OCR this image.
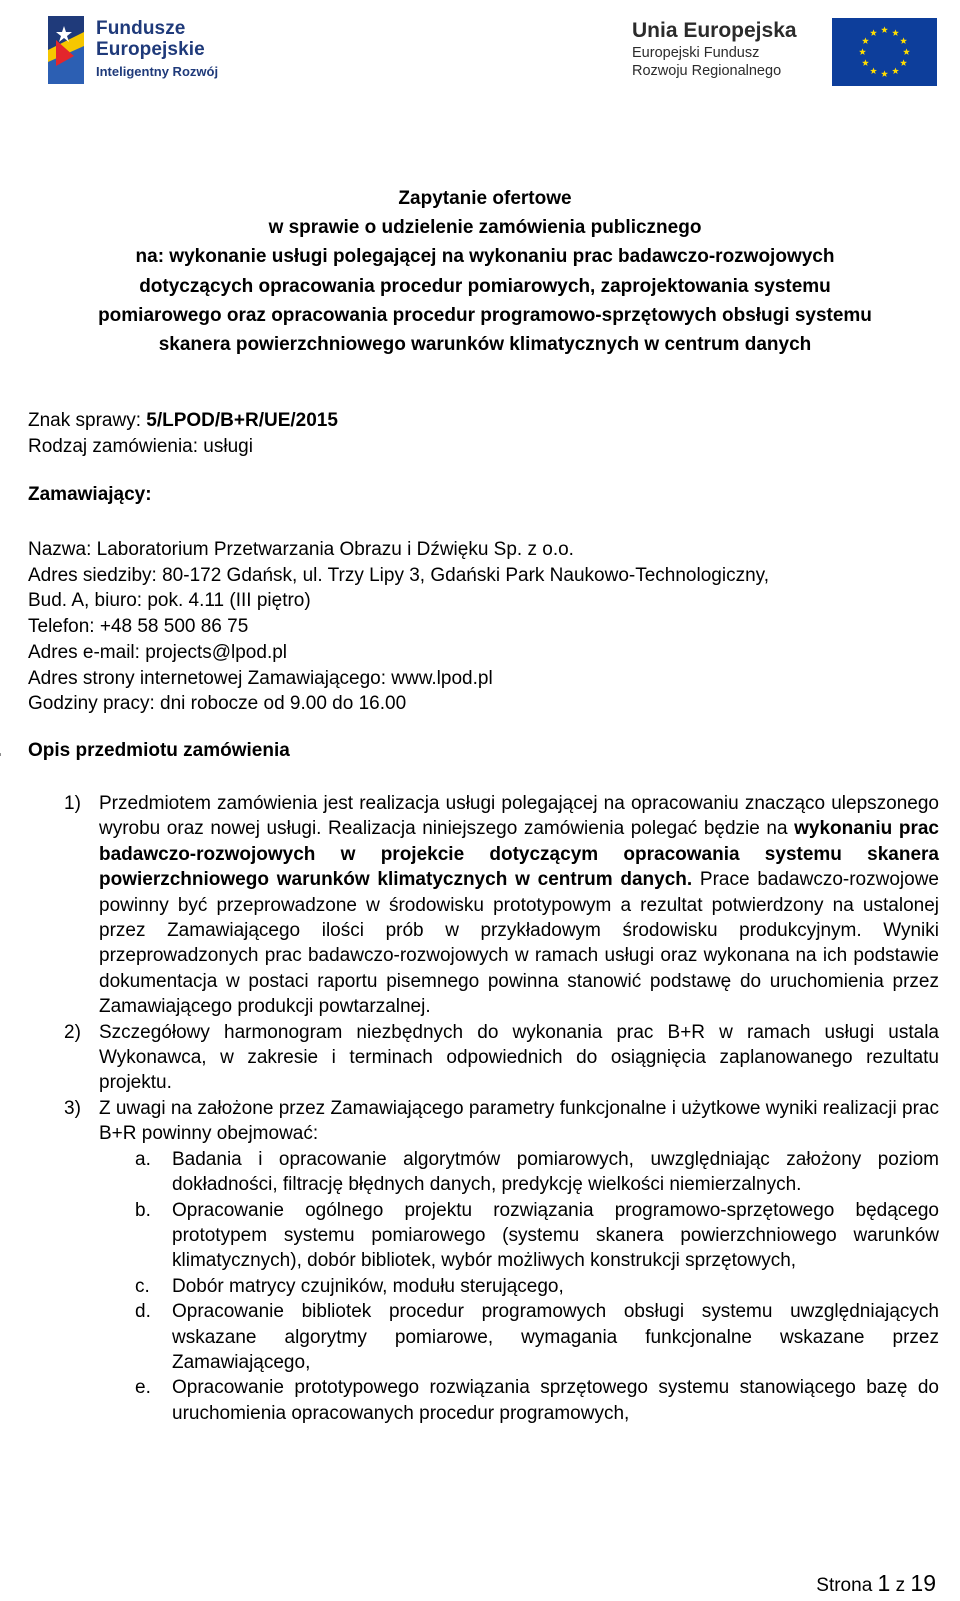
Fundusze
Europejskie
Inteligentny Rozwój
Unia Europejska
Europejski Fundusz
Rozwoju Regionalnego
Zapytanie ofertowe
w sprawie o udzielenie zamówienia publicznego
na: wykonanie usługi polegającej na wykonaniu prac badawczo-rozwojowych
dotyczących opracowania procedur pomiarowych, zaprojektowania systemu
pomiarowego oraz opracowania procedur programowo-sprzętowych obsługi systemu
skanera powierzchniowego warunków klimatycznych w centrum danych
Znak sprawy: 5/LPOD/B+R/UE/2015
Rodzaj zamówienia: usługi
Zamawiający:
Nazwa: Laboratorium Przetwarzania Obrazu i Dźwięku Sp. z o.o.
Adres siedziby: 80-172 Gdańsk, ul. Trzy Lipy 3, Gdański Park Naukowo-Technologiczny,
Bud. A, biuro: pok. 4.11 (III piętro)
Telefon: +48 58 500 86 75
Adres e-mail: projects@lpod.pl
Adres strony internetowej Zamawiającego: www.lpod.pl
Godziny pracy: dni robocze od 9.00 do 16.00
Opis przedmiotu zamówienia
1) Przedmiotem zamówienia jest realizacja usługi polegającej na opracowaniu znacząco ulepszonego wyrobu oraz nowej usługi. Realizacja niniejszego zamówienia polegać będzie na wykonaniu prac badawczo-rozwojowych w projekcie dotyczącym opracowania systemu skanera powierzchniowego warunków klimatycznych w centrum danych. Prace badawczo-rozwojowe powinny być przeprowadzone w środowisku prototypowym a rezultat potwierdzony na ustalonej przez Zamawiającego ilości prób w przykładowym środowisku produkcyjnym. Wyniki przeprowadzonych prac badawczo-rozwojowych w ramach usługi oraz wykonana na ich podstawie dokumentacja w postaci raportu pisemnego powinna stanowić podstawę do uruchomienia przez Zamawiającego produkcji powtarzalnej.
2) Szczegółowy harmonogram niezbędnych do wykonania prac B+R w ramach usługi ustala Wykonawca, w zakresie i terminach odpowiednich do osiągnięcia zaplanowanego rezultatu projektu.
3) Z uwagi na założone przez Zamawiającego parametry funkcjonalne i użytkowe wyniki realizacji prac B+R powinny obejmować:
a. Badania i opracowanie algorytmów pomiarowych, uwzględniając założony poziom dokładności, filtrację błędnych danych, predykcję wielkości niemierzalnych.
b. Opracowanie ogólnego projektu rozwiązania programowo-sprzętowego będącego prototypem systemu pomiarowego (systemu skanera powierzchniowego warunków klimatycznych), dobór bibliotek, wybór możliwych konstrukcji sprzętowych,
c. Dobór matrycy czujników, modułu sterującego,
d. Opracowanie bibliotek procedur programowych obsługi systemu uwzględniających wskazane algorytmy pomiarowe, wymagania funkcjonalne wskazane przez Zamawiającego,
e. Opracowanie prototypowego rozwiązania sprzętowego systemu stanowiącego bazę do uruchomienia opracowanych procedur programowych,
Strona 1 z 19
